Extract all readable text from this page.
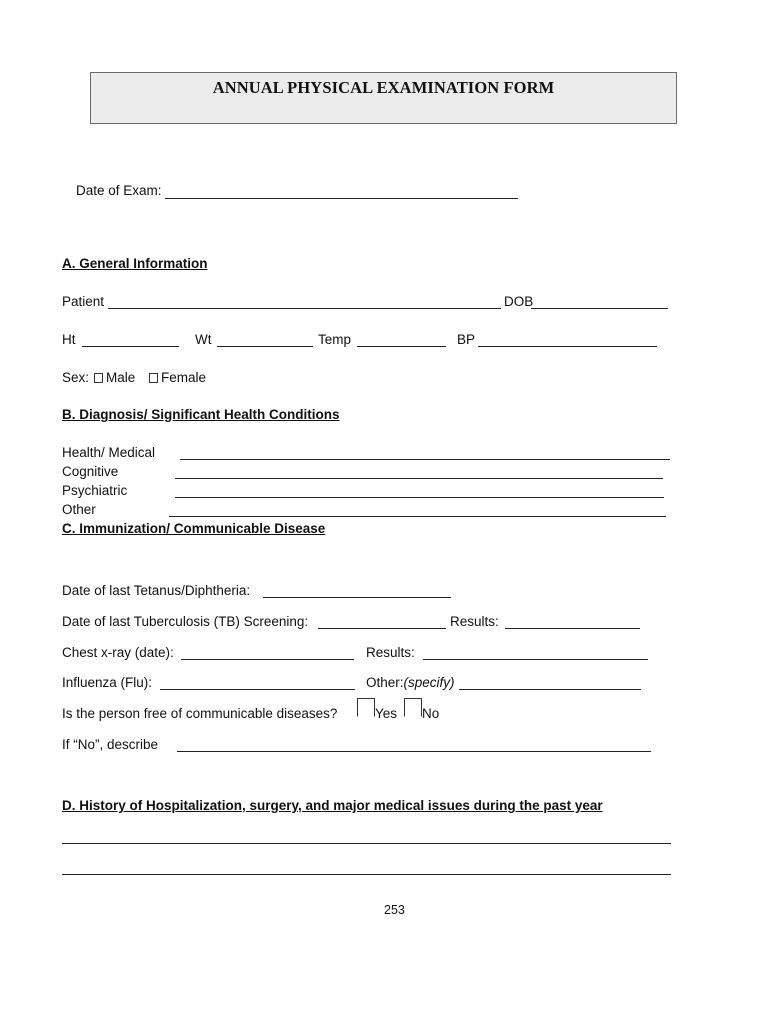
ANNUAL PHYSICAL EXAMINATION FORM
Date of Exam:
A. General Information
Patient	DOB
Ht	Wt	Temp	BP
Sex:	Male	Female
B. Diagnosis/ Significant Health Conditions
Health/ Medical
Cognitive
Psychiatric
Other
C. Immunization/ Communicable Disease
Date of last Tetanus/Diphtheria:
Date of last Tuberculosis (TB) Screening:	Results:
Chest x-ray (date):	Results:
Influenza (Flu):	Other:(specify)
Is the person free of communicable diseases?	Yes No
If “No”, describe
D. History of Hospitalization, surgery, and major medical issues during the past year
253
